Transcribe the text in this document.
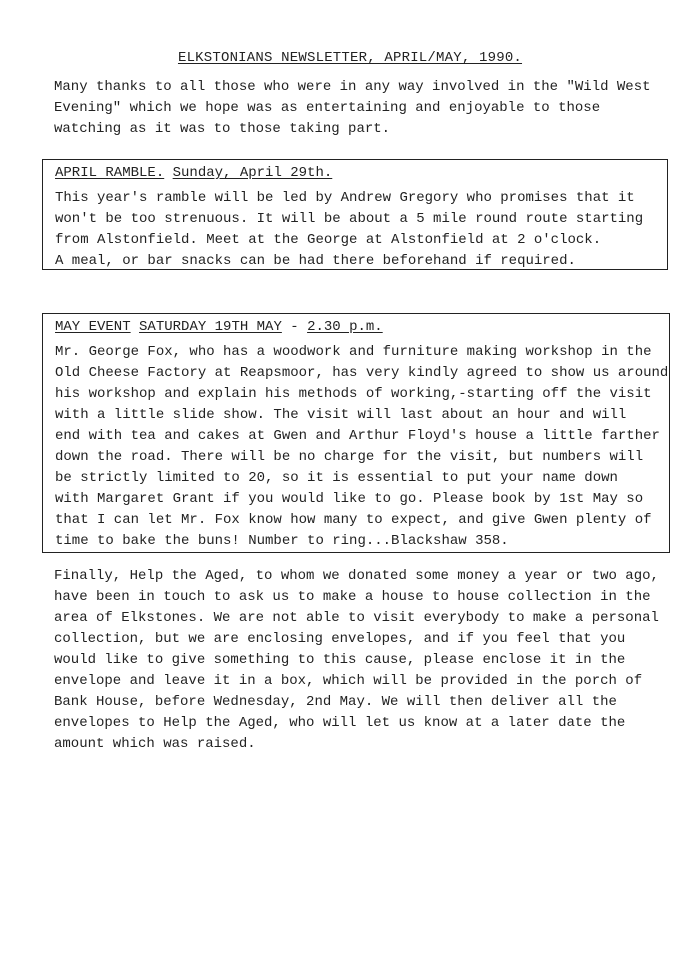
ELKSTONIANS NEWSLETTER, APRIL/MAY, 1990.
Many thanks to all those who were in any way involved in the "Wild West
Evening" which we hope was as entertaining and enjoyable to those
watching as it was to those taking part.
APRIL RAMBLE. Sunday, April 29th.
This year's ramble will be led by Andrew Gregory who promises that it
won't be too strenuous. It will be about a 5 mile round route starting
from Alstonfield. Meet at the George at Alstonfield at 2 o'clock.
A meal, or bar snacks can be had there beforehand if required.
MAY EVENT SATURDAY 19TH MAY - 2.30 p.m.
Mr. George Fox, who has a woodwork and furniture making workshop in the
Old Cheese Factory at Reapsmoor, has very kindly agreed to show us around
his workshop and explain his methods of working,-starting off the visit
with a little slide show. The visit will last about an hour and will
end with tea and cakes at Gwen and Arthur Floyd's house a little farther
down the road. There will be no charge for the visit, but numbers will
be strictly limited to 20, so it is essential to put your name down
with Margaret Grant if you would like to go. Please book by 1st May so
that I can let Mr. Fox know how many to expect, and give Gwen plenty of
time to bake the buns! Number to ring...Blackshaw 358.
Finally, Help the Aged, to whom we donated some money a year or two ago,
have been in touch to ask us to make a house to house collection in the
area of Elkstones. We are not able to visit everybody to make a personal
collection, but we are enclosing envelopes, and if you feel that you
would like to give something to this cause, please enclose it in the
envelope and leave it in a box, which will be provided in the porch of
Bank House, before Wednesday, 2nd May. We will then deliver all the
envelopes to Help the Aged, who will let us know at a later date the
amount which was raised.
